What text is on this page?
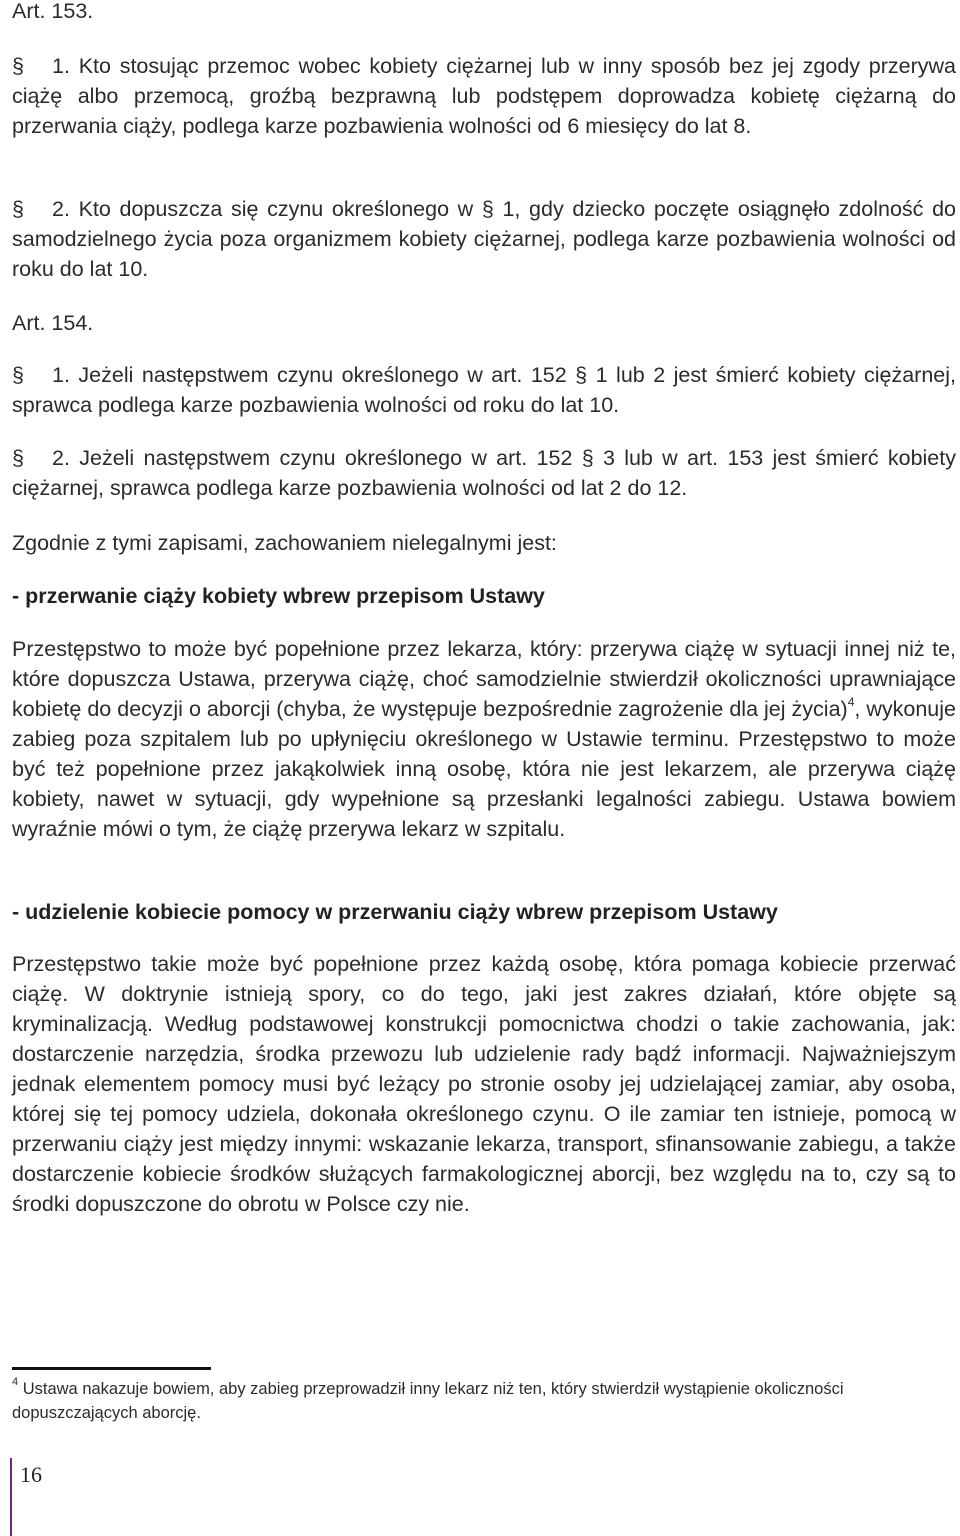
Art. 153.

§ 1. Kto stosując przemoc wobec kobiety ciężarnej lub w inny sposób bez jej zgody przerywa ciążę albo przemocą, groźbą bezprawną lub podstępem doprowadza kobietę ciężarną do przerwania ciąży, podlega karze pozbawienia wolności od 6 miesięcy do lat 8.

§ 2. Kto dopuszcza się czynu określonego w § 1, gdy dziecko poczęte osiągnęło zdolność do samodzielnego życia poza organizmem kobiety ciężarnej, podlega karze pozbawienia wolności od roku do lat 10.

Art. 154.

§ 1. Jeżeli następstwem czynu określonego w art. 152 § 1 lub 2 jest śmierć kobiety ciężarnej, sprawca podlega karze pozbawienia wolności od roku do lat 10.

§ 2. Jeżeli następstwem czynu określonego w art. 152 § 3 lub w art. 153 jest śmierć kobiety ciężarnej, sprawca podlega karze pozbawienia wolności od lat 2 do 12.

Zgodnie z tymi zapisami, zachowaniem nielegalnymi jest:

- przerwanie ciąży kobiety wbrew przepisom Ustawy

Przestępstwo to może być popełnione przez lekarza, który: przerywa ciążę w sytuacji innej niż te, które dopuszcza Ustawa, przerywa ciążę, choć samodzielnie stwierdził okoliczności uprawniające kobietę do decyzji o aborcji (chyba, że występuje bezpośrednie zagrożenie dla jej życia)$^4$, wykonuje zabieg poza szpitalem lub po upłynięciu określonego w Ustawie terminu. Przestępstwo to może być też popełnione przez jakąkolwiek inną osobę, która nie jest lekarzem, ale przerywa ciążę kobiety, nawet w sytuacji, gdy wypełnione są przesłanki legalności zabiegu. Ustawa bowiem wyraźnie mówi o tym, że ciążę przerywa lekarz w szpitalu.

- udzielenie kobiecie pomocy w przerwaniu ciąży wbrew przepisom Ustawy

Przestępstwo takie może być popełnione przez każdą osobę, która pomaga kobiecie przerwać ciążę. W doktrynie istnieją spory, co do tego, jaki jest zakres działań, które objęte są kryminalizacją. Według podstawowej konstrukcji pomocnictwa chodzi o takie zachowania, jak: dostarczenie narzędzia, środka przewozu lub udzielenie rady bądź informacji. Najważniejszym jednak elementem pomocy musi być leżący po stronie osoby jej udzielającej zamiar, aby osoba, której się tej pomocy udziela, dokonała określonego czynu. O ile zamiar ten istnieje, pomocą w przerwaniu ciąży jest między innymi: wskazanie lekarza, transport, sfinansowanie zabiegu, a także dostarczenie kobiecie środków służących farmakologicznej aborcji, bez względu na to, czy są to środki dopuszczone do obrotu w Polsce czy nie.

$^4$ Ustawa nakazuje bowiem, aby zabieg przeprowadził inny lekarz niż ten, który stwierdził wystąpienie okoliczności dopuszczających aborcję.
16
